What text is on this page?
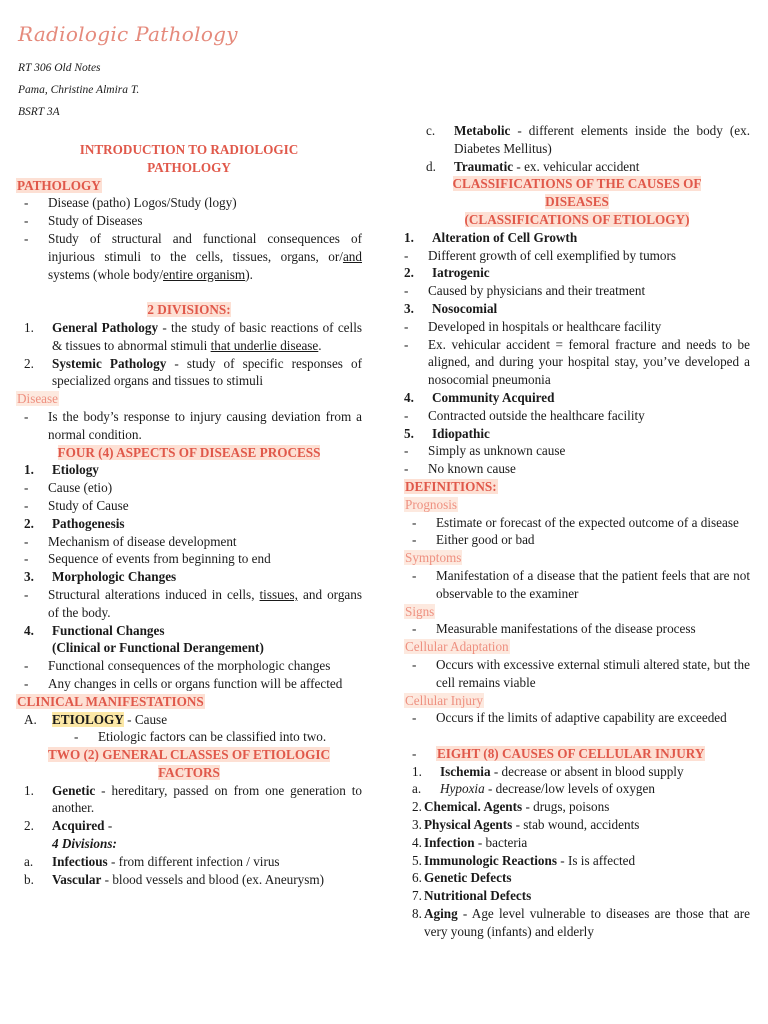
Radiologic Pathology
RT 306 Old Notes
Pama, Christine Almira T.
BSRT 3A
INTRODUCTION TO RADIOLOGIC
PATHOLOGY
PATHOLOGY
-	Disease (patho) Logos/Study (logy)
-	Study of Diseases
-	Study of structural and functional consequences of injurious stimuli to the cells, tissues, organs, or/and systems (whole body/entire organism).
2 DIVISIONS:
1.	General Pathology - the study of basic reactions of cells & tissues to abnormal stimuli that underlie disease.
2.	Systemic Pathology - study of specific responses of specialized organs and tissues to stimuli
Disease
-	Is the body’s response to injury causing deviation from a normal condition.
FOUR (4) ASPECTS OF DISEASE PROCESS
1.	Etiology
-	Cause (etio)
-	Study of Cause
2.	Pathogenesis
-	Mechanism of disease development
-	Sequence of events from beginning to end
3.	Morphologic Changes
-	Structural alterations induced in cells, tissues, and organs of the body.
4.	Functional Changes
(Clinical or Functional Derangement)
-	Functional consequences of the morphologic changes
-	Any changes in cells or organs function will be affected
CLINICAL MANIFESTATIONS
A.	ETIOLOGY - Cause
-	Etiologic factors can be classified into two.
TWO (2) GENERAL CLASSES OF ETIOLOGIC
FACTORS
1.	Genetic - hereditary, passed on from one generation to another.
2.	Acquired -
4 Divisions:
a.	Infectious - from different infection / virus
b.	Vascular - blood vessels and blood (ex. Aneurysm)
c.	Metabolic - different elements inside the body (ex. Diabetes Mellitus)
d.	Traumatic - ex. vehicular accident
CLASSIFICATIONS OF THE CAUSES OF
DISEASES
(CLASSIFICATIONS OF ETIOLOGY)
1.	Alteration of Cell Growth
-	Different growth of cell exemplified by tumors
2.	Iatrogenic
-	Caused by physicians and their treatment
3.	Nosocomial
-	Developed in hospitals or healthcare facility
-	Ex. vehicular accident = femoral fracture and needs to be aligned, and during your hospital stay, you’ve developed a nosocomial pneumonia
4.	Community Acquired
-	Contracted outside the healthcare facility
5.	Idiopathic
-	Simply as unknown cause
-	No known cause
DEFINITIONS:
Prognosis
-	Estimate or forecast of the expected outcome of a disease
-	Either good or bad
Symptoms
-	Manifestation of a disease that the patient feels that are not observable to the examiner
Signs
-	Measurable manifestations of the disease process
Cellular Adaptation
-	Occurs with excessive external stimuli altered state, but the cell remains viable
Cellular Injury
-	Occurs if the limits of adaptive capability are exceeded
-	EIGHT (8) CAUSES OF CELLULAR INJURY
1.	Ischemia - decrease or absent in blood supply
a.	Hypoxia - decrease/low levels of oxygen
2. Chemical. Agents - drugs, poisons
3. Physical Agents - stab wound, accidents
4. Infection - bacteria
5. Immunologic Reactions - Is is affected
6. Genetic Defects
7. Nutritional Defects
8. Aging - Age level vulnerable to diseases are those that are very young (infants) and elderly
